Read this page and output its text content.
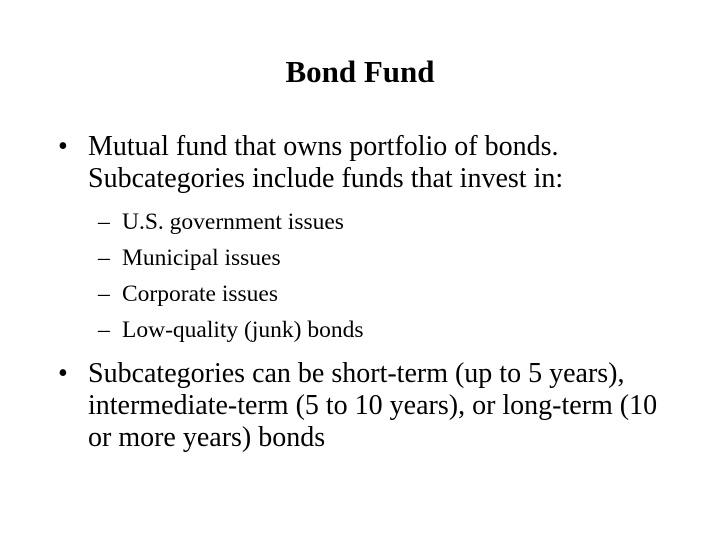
Bond Fund
• Mutual fund that owns portfolio of bonds. Subcategories include funds that invest in:
– U.S. government issues
– Municipal issues
– Corporate issues
– Low-quality (junk) bonds
• Subcategories can be short-term (up to 5 years), intermediate-term (5 to 10 years), or long-term (10 or more years) bonds
